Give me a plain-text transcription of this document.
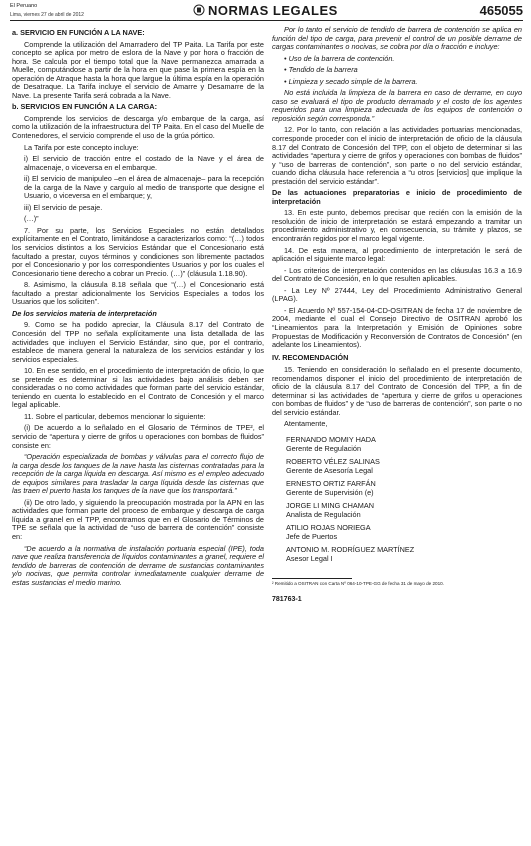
El Peruano
Lima, viernes 27 de abril de 2012	NORMAS LEGALES	465055

a. SERVICIO EN FUNCIÓN A LA NAVE:

Comprende la utilización del Amarradero del TP Paita. La Tarifa por este concepto se aplica por metro de eslora de la Nave y por hora o fracción de hora. Se calcula por el tiempo total que la Nave permanezca amarrada a Muelle, computándose a partir de la hora en que pase la primera espía en la operación de Atraque hasta la hora que largue la última espía en la operación de Desatraque. La Tarifa incluye el servicio de Amarre y Desamarre de la Nave. La presente Tarifa será cobrada a la Nave.

b. SERVICIOS EN FUNCIÓN A LA CARGA:

Comprende los servicios de descarga y/o embarque de la carga, así como la utilización de la infraestructura del TP Paita. En el caso del Muelle de Contenedores, el servicio comprende el uso de la grúa pórtico.

La Tarifa por este concepto incluye:

i) El servicio de tracción entre el costado de la Nave y el área de almacenaje, o viceversa en el embarque.

ii) El servicio de manipuleo –en el área de almacenaje– para la recepción de la carga de la Nave y carguío al medio de transporte que designe el Usuario, o viceversa en el embarque; y,

iii) El servicio de pesaje.

(…)”

7. Por su parte, los Servicios Especiales no están detallados explícitamente en el Contrato, limitándose a caracterizarlos como: “(…) todos los servicios distintos a los Servicios Estándar que el Concesionario está facultado a prestar, cuyos términos y condiciones son libremente pactados por el Concesionario y por los correspondientes Usuarios y por los cuales el Concesionario tiene derecho a cobrar un Precio. (…)” (cláusula 1.18.90).

8. Asimismo, la cláusula 8.18 señala que “(…) el Concesionario está facultado a prestar adicionalmente los Servicios Especiales a todos los Usuarios que los soliciten”.

De los servicios materia de interpretación

9. Como se ha podido apreciar, la Cláusula 8.17 del Contrato de Concesión del TPP no señala explícitamente una lista detallada de las actividades que incluyen el Servicio Estándar, sino que, por el contrario, establece de manera general la naturaleza de los servicios estándar y los servicios especiales.

10. En ese sentido, en el procedimiento de interpretación de oficio, lo que se pretende es determinar si las actividades bajo análisis deben ser consideradas o no como actividades que forman parte del servicio estándar, teniendo en cuenta lo establecido en el Contrato de Concesión y el marco legal aplicable.

11. Sobre el particular, debemos mencionar lo siguiente:

(i) De acuerdo a lo señalado en el Glosario de Términos de TPE², el servicio de “apertura y cierre de grifos u operaciones con bombas de fluidos” consiste en:

“Operación especializada de bombas y válvulas para el correcto flujo de la carga desde los tanques de la nave hasta las cisternas contratadas para la recepción de la carga líquida en descarga. Así mismo es el empleo adecuado de equipos similares para trasladar la carga líquida desde las cisternas que las traen el puerto hasta los tanques de la nave que los transportará.”

(ii) De otro lado, y siguiendo la preocupación mostrada por la APN en las actividades que forman parte del proceso de embarque y descarga de carga líquida a granel en el TPP, encontramos que en el Glosario de Términos de TPE se señala que la actividad de “uso de barrera de contención” consiste en:

“De acuerdo a la normativa de instalación portuaria especial (IPE), toda nave que realiza transferencia de líquidos contaminantes a granel, requiere el tendido de barreras de contención de derrame de sustancias contaminantes y/o nocivas, que permita controlar inmediatamente cualquier derrame de estas sustancias el medio marino.

Por lo tanto el servicio de tendido de barrera de contención se aplica en función del tipo de carga, para prevenir el control de un posible derrame de cargas contaminantes o nocivas, se cobra por día o fracción e incluye:

• Uso de la barrera de contención.

• Tendido de la barrera

• Limpieza y secado simple de la barrera.

No está incluida la limpieza de la barrera en caso de derrame, en cuyo caso se evaluará el tipo de producto derramado y el costo de los agentes requeridos para una limpieza adecuada de los equipos de contención o reposición según corresponda.”

12. Por lo tanto, con relación a las actividades portuarias mencionadas, corresponde proceder con el inicio de interpretación de oficio de la cláusula 8.17 del Contrato de Concesión del TPP, con el objeto de determinar si las actividades “apertura y cierre de grifos y operaciones con bombas de fluidos” y “uso de barreras de contención”, son parte o no del servicio estándar, cuando dicha cláusula hace referencia a “u otros [servicios] que implique la prestación del servicio estándar”.

De las actuaciones preparatorias e inicio de procedimiento de interpretación

13. En este punto, debemos precisar que recién con la emisión de la resolución de inicio de interpretación se estará empezando a tramitar un procedimiento administrativo y, en consecuencia, su trámite y plazos, se encontrarán regidos por el marco legal vigente.

14. De esta manera, al procedimiento de interpretación le será de aplicación el siguiente marco legal:

- Los criterios de interpretación contenidos en las cláusulas 16.3 a 16.9 del Contrato de Concesión, en lo que resulten aplicables.

- La Ley Nº 27444, Ley del Procedimiento Administrativo General (LPAG).

- El Acuerdo Nº 557-154-04-CD-OSITRAN de fecha 17 de noviembre de 2004, mediante el cual el Consejo Directivo de OSITRAN aprobó los “Lineamientos para la Interpretación y Emisión de Opiniones sobre Propuestas de Modificación y Reconversión de Contratos de Concesión” (en adelante los Lineamientos).

IV. RECOMENDACIÓN

15. Teniendo en consideración lo señalado en el presente documento, recomendamos disponer el inicio del procedimiento de interpretación de oficio de la cláusula 8.17 del Contrato de Concesión del TPP, a fin de determinar si las actividades de “apertura y cierre de grifos u operaciones con bombas de fluidos” y de “uso de barreras de contención”, son parte o no del servicio estándar.

Atentamente,

FERNANDO MOMIY HADA
Gerente de Regulación

ROBERTO VÉLEZ SALINAS
Gerente de Asesoría Legal

ERNESTO ORTIZ FARFÁN
Gerente de Supervisión (e)

JORGE LI MING CHAMAN
Analista de Regulación

ATILIO ROJAS NORIEGA
Jefe de Puertos

ANTONIO M. RODRÍGUEZ MARTÍNEZ
Asesor Legal I

² Remitido a OSITRAN con Carta Nº 064-10-TPE-GG de fecha 31 de mayo de 2010.

781763-1
